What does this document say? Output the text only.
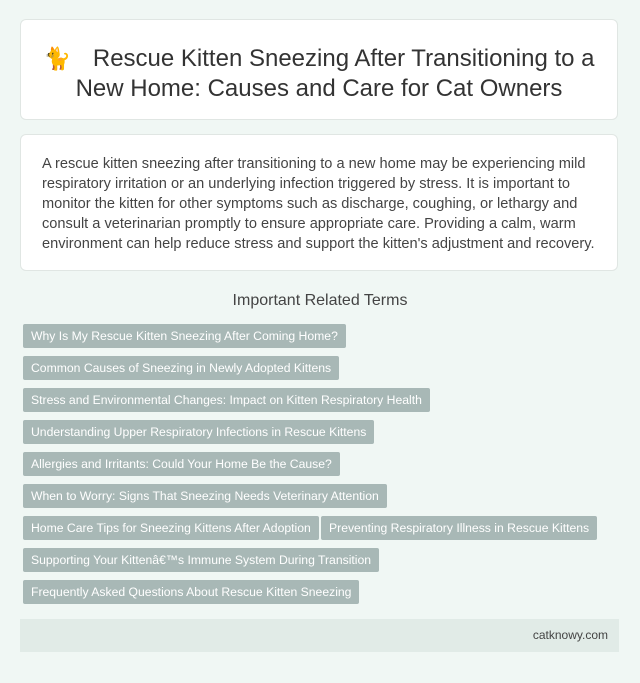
🐈 Rescue Kitten Sneezing After Transitioning to a
New Home: Causes and Care for Cat Owners

A rescue kitten sneezing after transitioning to a new home may be experiencing mild respiratory irritation or an underlying infection triggered by stress. It is important to monitor the kitten for other symptoms such as discharge, coughing, or lethargy and consult a veterinarian promptly to ensure appropriate care. Providing a calm, warm environment can help reduce stress and support the kitten's adjustment and recovery.

Important Related Terms
Why Is My Rescue Kitten Sneezing After Coming Home?
Common Causes of Sneezing in Newly Adopted Kittens
Stress and Environmental Changes: Impact on Kitten Respiratory Health
Understanding Upper Respiratory Infections in Rescue Kittens
Allergies and Irritants: Could Your Home Be the Cause?
When to Worry: Signs That Sneezing Needs Veterinary Attention
Home Care Tips for Sneezing Kittens After Adoption	Preventing Respiratory Illness in Rescue Kittens
Supporting Your Kittenâ€™s Immune System During Transition
Frequently Asked Questions About Rescue Kitten Sneezing
catknowy.com
